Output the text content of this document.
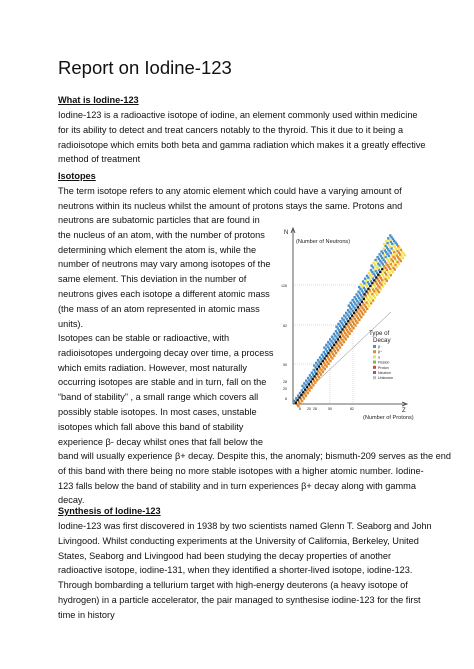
Report on Iodine-123
What is Iodine-123
Iodine-123 is a radioactive isotope of iodine, an element commonly used within medicine
for its ability to detect and treat cancers notably to the thyroid. This it due to it being a
radioisotope which emits both beta and gamma radiation which makes it a greatly effective
method of treatment
Isotopes
The term isotope refers to any atomic element which could have a varying amount of
neutrons within its nucleus whilst the amount of protons stays the same. Protons and
neutrons are subatomic particles that are found in
the nucleus of an atom, with the number of protons
determining which element the atom is, while the
number of neutrons may vary among isotopes of the
same element. This deviation in the number of
neutrons gives each isotope a different atomic mass
(the mass of an atom represented in atomic mass
units).
Isotopes can be stable or radioactive, with
radioisotopes undergoing decay over time, a process
which emits radiation. However, most naturally
occurring isotopes are stable and in turn, fall on the
“band of stability” , a small range which covers all
possibly stable isotopes. In most cases, unstable
isotopes which fall above this band of stability
experience β- decay whilst ones that fall below the
band will usually experience β+ decay. Despite this, the anomaly; bismuth-209 serves as the end
of this band with there being no more stable isotopes with a higher atomic number. Iodine-
123 falls below the band of stability and in turn experiences β+ decay along with gamma
decay.
Synthesis of Iodine-123
Iodine-123 was first discovered in 1938 by two scientists named Glenn T. Seaborg and John
Livingood. Whilst conducting experiments at the University of California, Berkeley, United
States, Seaborg and Livingood had been studying the decay properties of another
radioactive isotope, iodine-131, when they identified a shorter-lived isotope, iodine-123.
Through bombarding a tellurium target with high-energy deuterons (a heavy isotope of
hydrogen) in a particle accelerator, the pair managed to synthesise iodine-123 for the first
time in history
N
(Number of Neutrons)
Z
(Number of Protons)
126
82
50
28
20
8
8 20 28	50	82
Type of Decay
β⁻
β⁺
α
Fission
Proton
Neutron
Unknown
